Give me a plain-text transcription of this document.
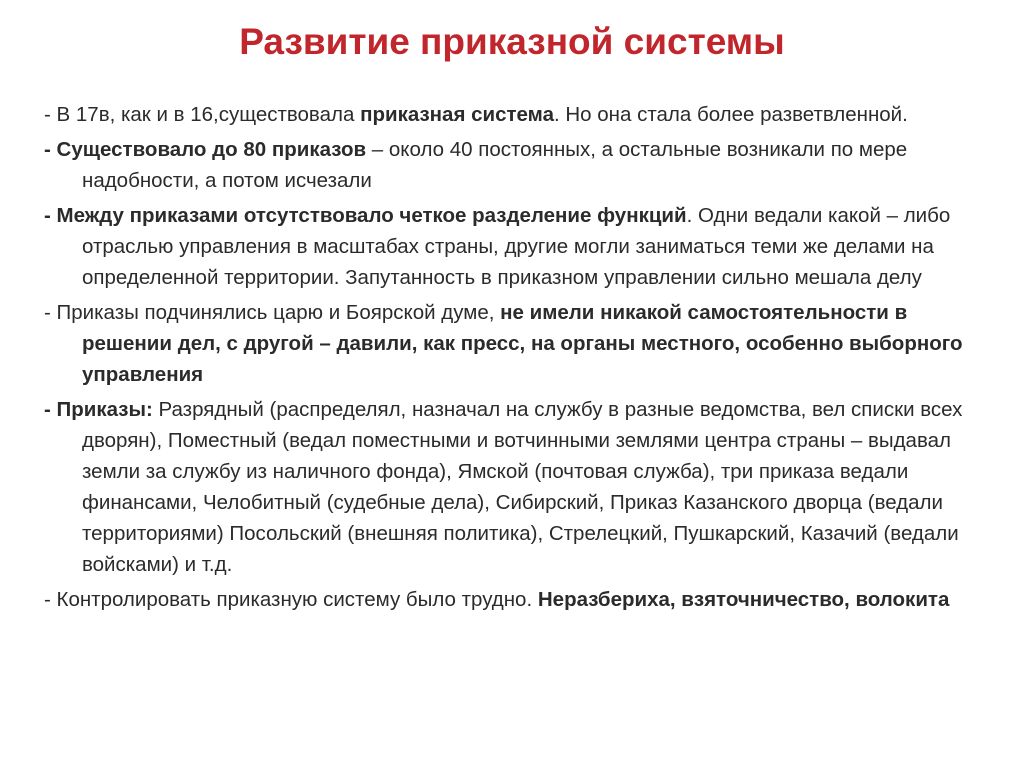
Развитие приказной системы

- В 17в, как и в 16,существовала приказная система. Но она стала более разветвленной.

- Существовало до 80 приказов – около 40 постоянных, а остальные возникали по мере надобности, а потом исчезали

- Между приказами отсутствовало четкое разделение функций. Одни ведали какой – либо отраслью управления в масштабах страны, другие могли заниматься теми же делами на определенной территории. Запутанность в приказном управлении сильно мешала делу

- Приказы подчинялись царю и Боярской думе, не имели никакой самостоятельности в решении дел, с другой – давили, как пресс, на органы местного, особенно выборного управления

- Приказы: Разрядный (распределял, назначал на службу в разные ведомства, вел списки всех дворян), Поместный (ведал поместными и вотчинными землями центра страны – выдавал земли за службу из наличного фонда), Ямской (почтовая служба), три приказа ведали финансами, Челобитный (судебные дела), Сибирский, Приказ Казанского дворца (ведали территориями) Посольский (внешняя политика), Стрелецкий, Пушкарский, Казачий (ведали войсками) и т.д.

- Контролировать приказную систему было трудно. Неразбериха, взяточничество, волокита
